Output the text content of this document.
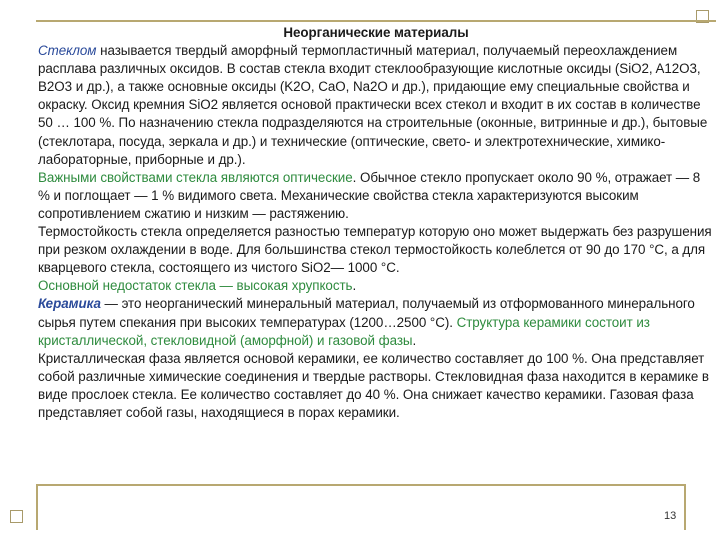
Неорганические материалы

Стеклом называется твердый аморфный термопластичный материал, получаемый переохлаждением расплава различных оксидов. В состав стекла входит стеклообразующие кислотные оксиды (SiO2, A12O3, B2O3 и др.), а также основные оксиды (K2O, CaO, Na2O и др.), придающие ему специальные свойства и окраску. Оксид кремния SiO2 является основой практически всех стекол и входит в их состав в количестве 50 … 100 %. По назначению стекла подразделяются на строительные (оконные, витринные и др.), бытовые (стеклотара, посуда, зеркала и др.) и технические (оптические, свето- и электротехнические, химико-лабораторные, приборные и др.).

Важными свойствами стекла являются оптические. Обычное стекло пропускает около 90 %, отражает — 8 % и поглощает — 1 % видимого света. Механические свойства стекла характеризуются высоким сопротивлением сжатию и низким — растяжению.

Термостойкость стекла определяется разностью температур которую оно может выдержать без разрушения при резком охлаждении в воде. Для большинства стекол термостойкость колеблется от 90 до 170 °С, а для кварцевого стекла, состоящего из чистого SiO2— 1000 °С.

Основной недостаток стекла — высокая хрупкость.

Керамика — это неорганический минеральный материал, получаемый из отформованного минерального сырья путем спекания при высоких температурах (1200…2500 °С). Структура керамики состоит из кристаллической, стекловидной (аморфной) и газовой фазы.

Кристаллическая фаза является основой керамики, ее количество составляет до 100 %. Она представляет собой различные химические соединения и твердые растворы. Стекловидная фаза находится в керамике в виде прослоек стекла. Ее количество составляет до 40 %. Она снижает качество керамики. Газовая фаза представляет собой газы, находящиеся в порах керамики.

13
